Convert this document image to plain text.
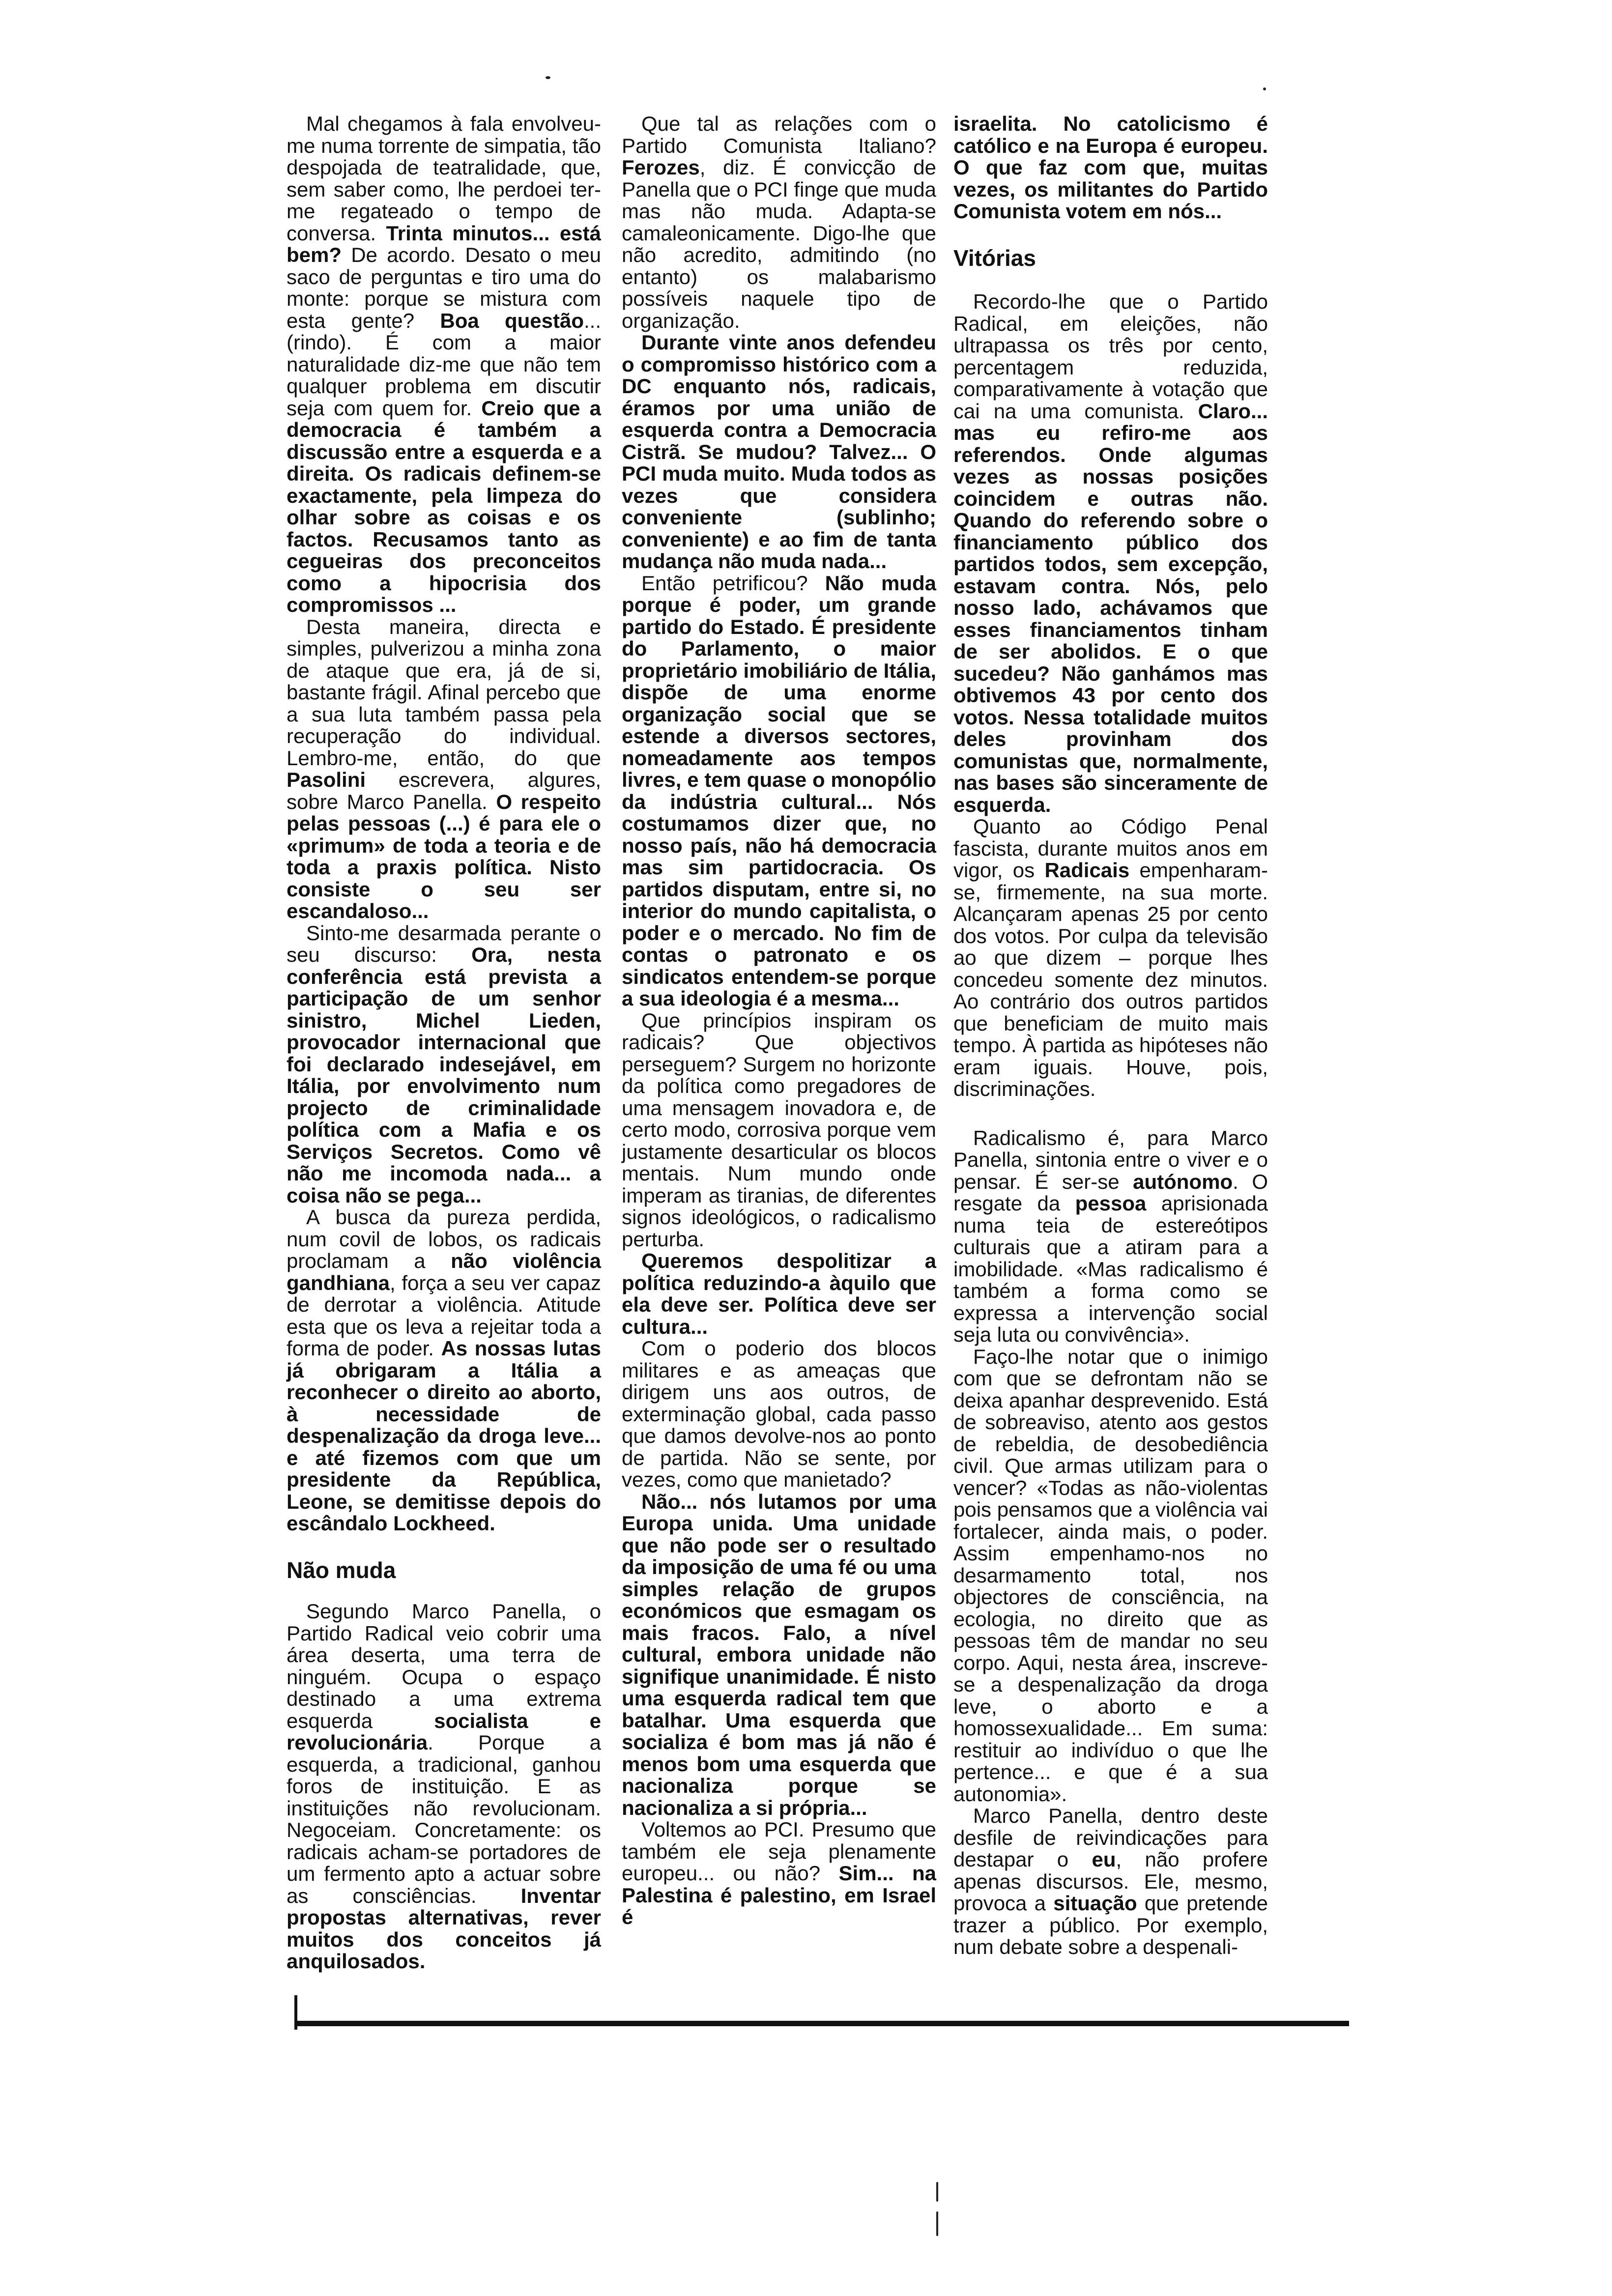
Mal chegamos à fala envolveu-me numa torrente de simpatia, tão despojada de teatralidade, que, sem saber como, lhe perdoei ter-me regateado o tempo de conversa. Trinta minutos... está bem? De acordo. Desato o meu saco de perguntas e tiro uma do monte: porque se mistura com esta gente? Boa questão... (rindo). É com a maior naturalidade diz-me que não tem qualquer problema em discutir seja com quem for. Creio que a democracia é também a discussão entre a esquerda e a direita. Os radicais definem-se exactamente, pela limpeza do olhar sobre as coisas e os factos. Recusamos tanto as cegueiras dos preconceitos como a hipocrisia dos compromissos ...

Desta maneira, directa e simples, pulverizou a minha zona de ataque que era, já de si, bastante frágil. Afinal percebo que a sua luta também passa pela recuperação do individual. Lembro-me, então, do que Pasolini escrevera, algures, sobre Marco Panella. O respeito pelas pessoas (...) é para ele o «primum» de toda a teoria e de toda a praxis política. Nisto consiste o seu ser escandaloso...

Sinto-me desarmada perante o seu discurso: Ora, nesta conferência está prevista a participação de um senhor sinistro, Michel Lieden, provocador internacional que foi declarado indesejável, em Itália, por envolvimento num projecto de criminalidade política com a Mafia e os Serviços Secretos. Como vê não me incomoda nada... a coisa não se pega...

A busca da pureza perdida, num covil de lobos, os radicais proclamam a não violência gandhiana, força a seu ver capaz de derrotar a violência. Atitude esta que os leva a rejeitar toda a forma de poder. As nossas lutas já obrigaram a Itália a reconhecer o direito ao aborto, à necessidade de despenalização da droga leve... e até fizemos com que um presidente da República, Leone, se demitisse depois do escândalo Lockheed.

Não muda

Segundo Marco Panella, o Partido Radical veio cobrir uma área deserta, uma terra de ninguém. Ocupa o espaço destinado a uma extrema esquerda socialista e revolucionária. Porque a esquerda, a tradicional, ganhou foros de instituição. E as instituições não revolucionam. Negoceiam. Concretamente: os radicais acham-se portadores de um fermento apto a actuar sobre as consciências. Inventar propostas alternativas, rever muitos dos conceitos já anquilosados.

Que tal as relações com o Partido Comunista Italiano? Ferozes, diz. É convicção de Panella que o PCI finge que muda mas não muda. Adapta-se camaleonicamente. Digo-lhe que não acredito, admitindo (no entanto) os malabarismo possíveis naquele tipo de organização.

Durante vinte anos defendeu o compromisso histórico com a DC enquanto nós, radicais, éramos por uma união de esquerda contra a Democracia Cistrã. Se mudou? Talvez... O PCI muda muito. Muda todos as vezes que considera conveniente (sublinho; conveniente) e ao fim de tanta mudança não muda nada...

Então petrificou? Não muda porque é poder, um grande partido do Estado. É presidente do Parlamento, o maior proprietário imobiliário de Itália, dispõe de uma enorme organização social que se estende a diversos sectores, nomeadamente aos tempos livres, e tem quase o monopólio da indústria cultural... Nós costumamos dizer que, no nosso país, não há democracia mas sim partidocracia. Os partidos disputam, entre si, no interior do mundo capitalista, o poder e o mercado. No fim de contas o patronato e os sindicatos entendem-se porque a sua ideologia é a mesma...

Que princípios inspiram os radicais? Que objectivos perseguem? Surgem no horizonte da política como pregadores de uma mensagem inovadora e, de certo modo, corrosiva porque vem justamente desarticular os blocos mentais. Num mundo onde imperam as tiranias, de diferentes signos ideológicos, o radicalismo perturba.

Queremos despolitizar a política reduzindo-a àquilo que ela deve ser. Política deve ser cultura...

Com o poderio dos blocos militares e as ameaças que dirigem uns aos outros, de exterminação global, cada passo que damos devolve-nos ao ponto de partida. Não se sente, por vezes, como que manietado?

Não... nós lutamos por uma Europa unida. Uma unidade que não pode ser o resultado da imposição de uma fé ou uma simples relação de grupos económicos que esmagam os mais fracos. Falo, a nível cultural, embora unidade não signifique unanimidade. É nisto uma esquerda radical tem que batalhar. Uma esquerda que socializa é bom mas já não é menos bom uma esquerda que nacionaliza porque se nacionaliza a si própria...

Voltemos ao PCI. Presumo que também ele seja plenamente europeu... ou não? Sim... na Palestina é palestino, em Israel é

israelita. No catolicismo é católico e na Europa é europeu. O que faz com que, muitas vezes, os militantes do Partido Comunista votem em nós...

Vitórias

Recordo-lhe que o Partido Radical, em eleições, não ultrapassa os três por cento, percentagem reduzida, comparativamente à votação que cai na uma comunista. Claro... mas eu refiro-me aos referendos. Onde algumas vezes as nossas posições coincidem e outras não. Quando do referendo sobre o financiamento público dos partidos todos, sem excepção, estavam contra. Nós, pelo nosso lado, achávamos que esses financiamentos tinham de ser abolidos. E o que sucedeu? Não ganhámos mas obtivemos 43 por cento dos votos. Nessa totalidade muitos deles provinham dos comunistas que, normalmente, nas bases são sinceramente de esquerda.

Quanto ao Código Penal fascista, durante muitos anos em vigor, os Radicais empenharam-se, firmemente, na sua morte. Alcançaram apenas 25 por cento dos votos. Por culpa da televisão ao que dizem – porque lhes concedeu somente dez minutos. Ao contrário dos outros partidos que beneficiam de muito mais tempo. À partida as hipóteses não eram iguais. Houve, pois, discriminações.

Radicalismo é, para Marco Panella, sintonia entre o viver e o pensar. É ser-se autónomo. O resgate da pessoa aprisionada numa teia de estereótipos culturais que a atiram para a imobilidade. «Mas radicalismo é também a forma como se expressa a intervenção social seja luta ou convivência».

Faço-lhe notar que o inimigo com que se defrontam não se deixa apanhar desprevenido. Está de sobreaviso, atento aos gestos de rebeldia, de desobediência civil. Que armas utilizam para o vencer? «Todas as não-violentas pois pensamos que a violência vai fortalecer, ainda mais, o poder. Assim empenhamo-nos no desarmamento total, nos objectores de consciência, na ecologia, no direito que as pessoas têm de mandar no seu corpo. Aqui, nesta área, inscreve-se a despenalização da droga leve, o aborto e a homossexualidade... Em suma: restituir ao indivíduo o que lhe pertence... e que é a sua autonomia».

Marco Panella, dentro deste desfile de reivindicações para destapar o eu, não profere apenas discursos. Ele, mesmo, provoca a situação que pretende trazer a público. Por exemplo, num debate sobre a despenali-
